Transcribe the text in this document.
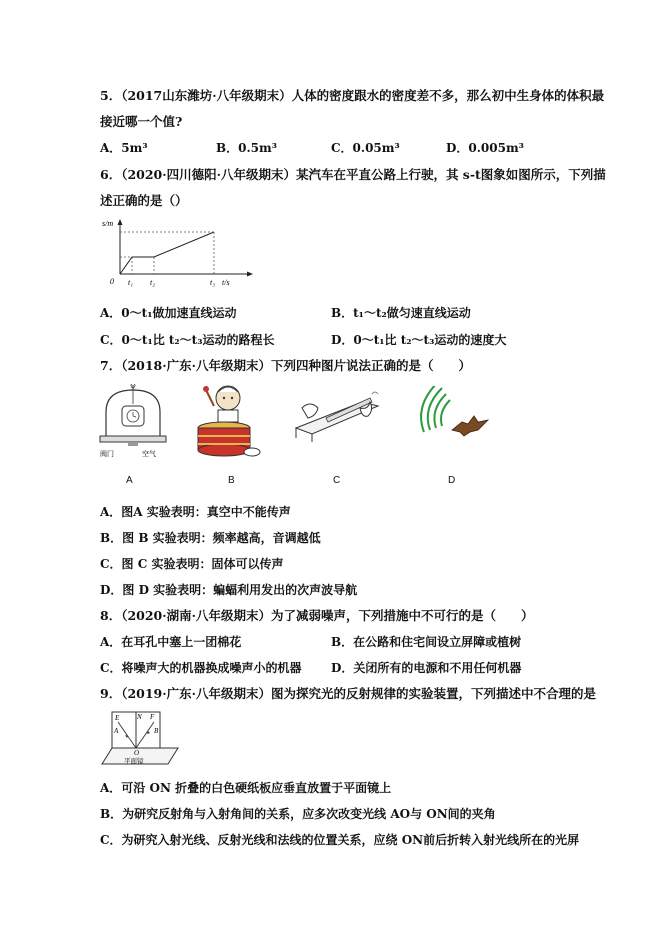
5．（2017山东潍坊·八年级期末）人体的密度跟水的密度差不多，那么初中生身体的体积最
接近哪一个值?
A．5m³	B．0.5m³	C．0.05m³	D．0.005m³
6．（2020·四川德阳·八年级期末）某汽车在平直公路上行驶，其 s-t图象如图所示，下列描
述正确的是（）
s/m
0 t₁ t₂	t₃ t/s
A．0～t₁做加速直线运动	B．t₁～t₂做匀速直线运动
C．0～t₁比 t₂～t₃运动的路程长	D．0～t₁比 t₂～t₃运动的速度大
7．（2018·广东·八年级期末）下列四种图片说法正确的是（　　）
阀门	空气
A	B	C	D
A．图A 实验表明：真空中不能传声
B．图 B 实验表明：频率越高，音调越低
C．图 C 实验表明：固体可以传声
D．图 D 实验表明：蝙蝠利用发出的次声波导航
8．（2020·湖南·八年级期末）为了减弱噪声，下列措施中不可行的是（　　）
A．在耳孔中塞上一团棉花	B．在公路和住宅间设立屏障或植树
C．将噪声大的机器换成噪声小的机器 D．关闭所有的电源和不用任何机器
9．（2019·广东·八年级期末）图为探究光的反射规律的实验装置，下列描述中不合理的是
E	N F
A	B
O
平面镜
A．可沿 ON 折叠的白色硬纸板应垂直放置于平面镜上
B．为研究反射角与入射角间的关系，应多次改变光线 AO与 ON间的夹角
C．为研究入射光线、反射光线和法线的位置关系，应绕 ON前后折转入射光线所在的光屏
